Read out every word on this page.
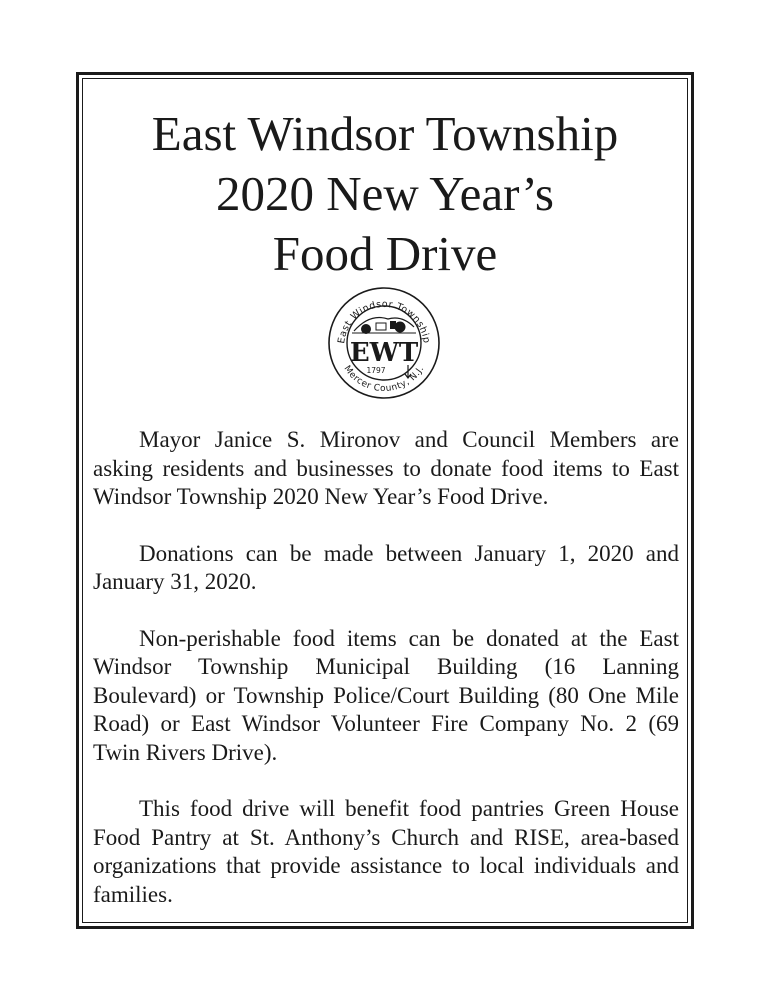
East Windsor Township
2020 New Year’s
Food Drive
East Windsor Township
Mercer County, N.J.
EWT
1797

Mayor Janice S. Mironov and Council Members are asking residents and businesses to donate food items to East Windsor Township 2020 New Year’s Food Drive.

Donations can be made between January 1, 2020 and January 31, 2020.

Non-perishable food items can be donated at the East Windsor Township Municipal Building (16 Lanning Boulevard) or Township Police/Court Building (80 One Mile Road) or East Windsor Volunteer Fire Company No. 2 (69 Twin Rivers Drive).

This food drive will benefit food pantries Green House Food Pantry at St. Anthony’s Church and RISE, area-based organizations that provide assistance to local individuals and families.
